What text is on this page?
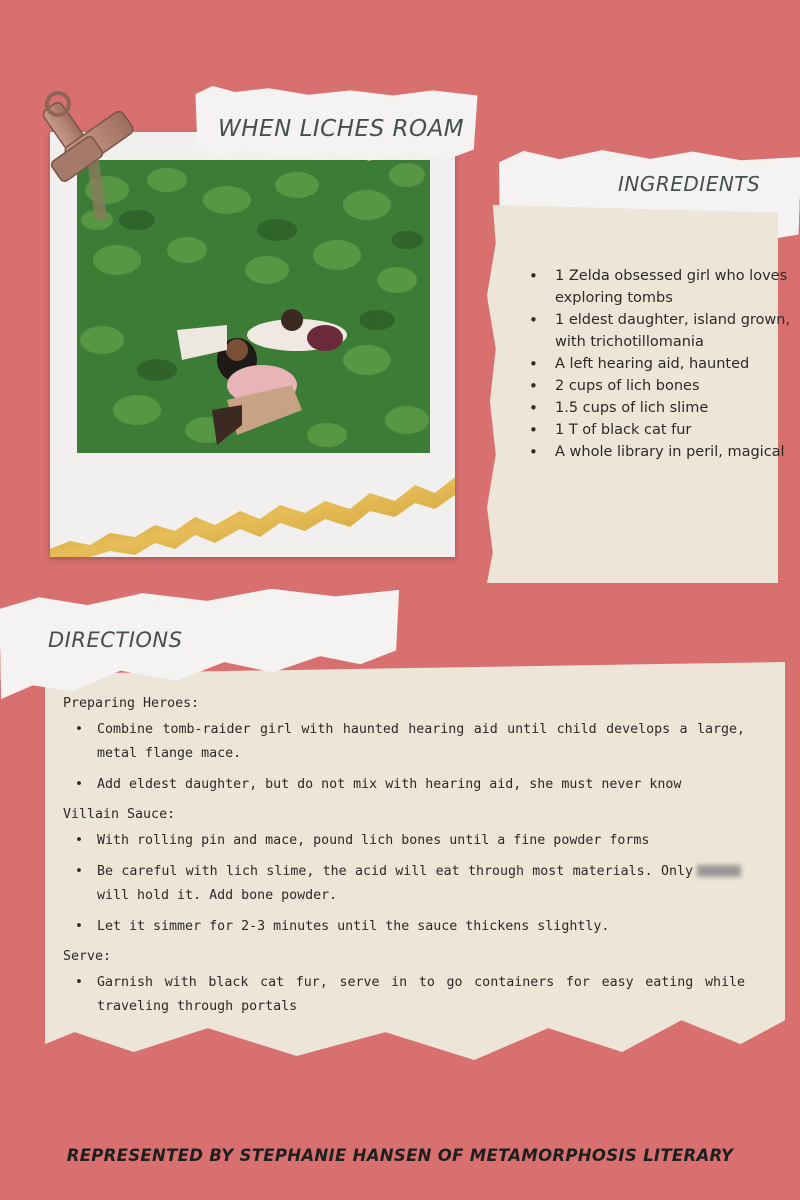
WHEN LICHES ROAM
INGREDIENTS
• 1 Zelda obsessed girl who loves exploring tombs
• 1 eldest daughter, island grown, with trichotillomania
• A left hearing aid, haunted
• 2 cups of lich bones
• 1.5 cups of lich slime
• 1 T of black cat fur
• A whole library in peril, magical
DIRECTIONS
Preparing Heroes:
• Combine tomb-raider girl with haunted hearing aid until child develops a large, metal flange mace.
• Add eldest daughter, but do not mix with hearing aid, she must never know
Villain Sauce:
• With rolling pin and mace, pound lich bones until a fine powder forms
• Be careful with lich slime, the acid will eat through most materials. Onlywill hold it. Add bone powder.
• Let it simmer for 2-3 minutes until the sauce thickens slightly.
Serve:
• Garnish with black cat fur, serve in to go containers for easy eating while traveling through portals
REPRESENTED BY STEPHANIE HANSEN OF METAMORPHOSIS LITERARY
